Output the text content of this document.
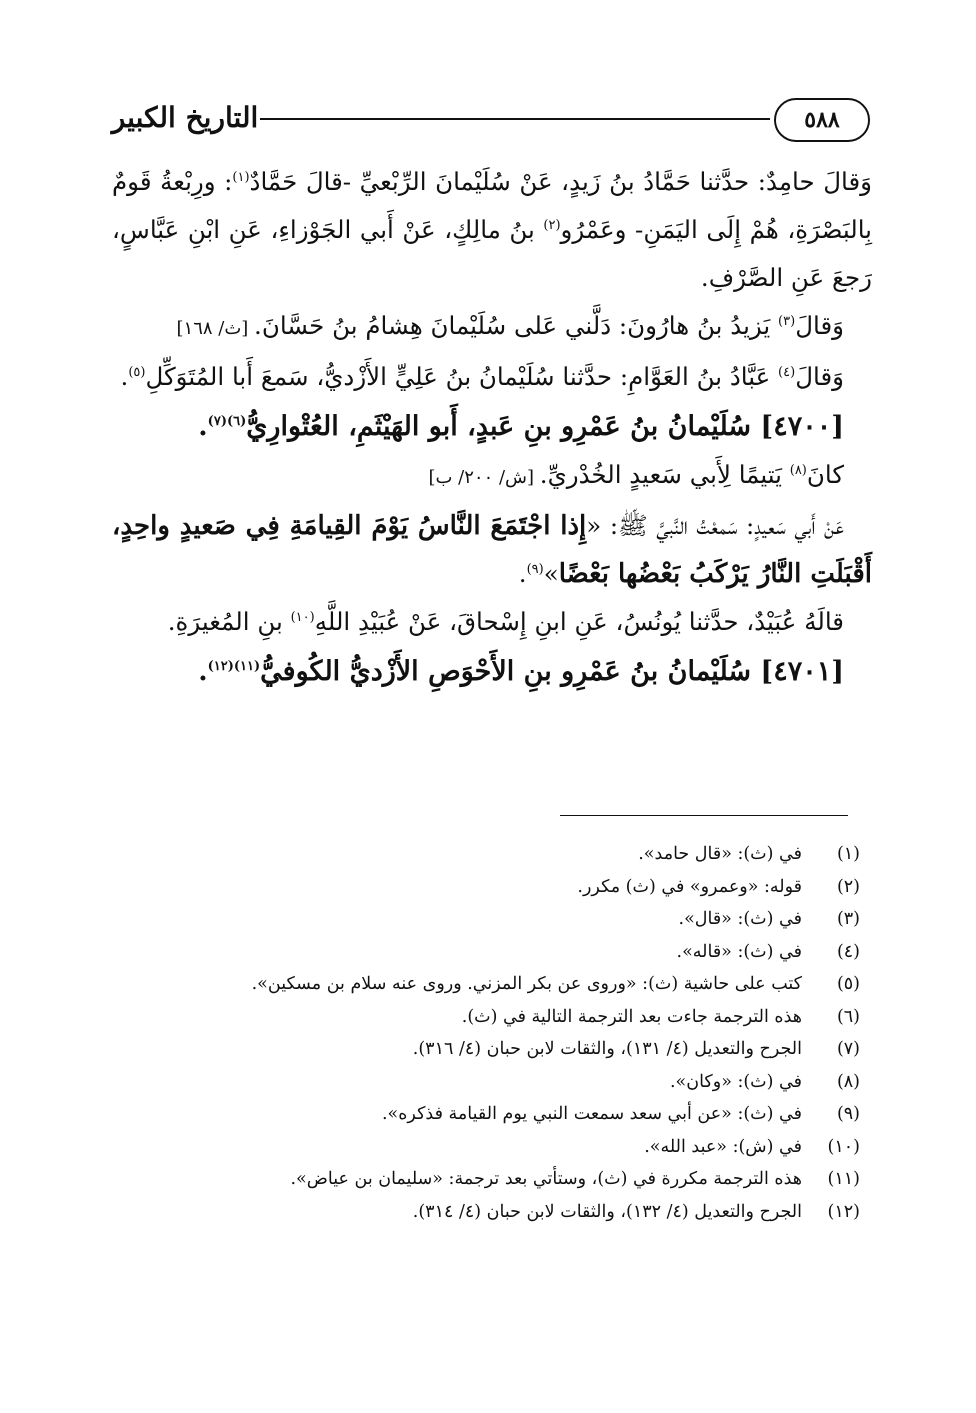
٥٨٨
التاريخ الكبير

وَقالَ حامِدٌ: حدَّثنا حَمَّادُ بنُ زَيدٍ، عَنْ سُلَيْمانَ الرِّبْعيِّ -قالَ حَمَّادٌ$^{(١)}$: ورِبْعةُ قَومٌ بِالبَصْرَةِ، هُمْ إِلَى اليَمَنِ- وعَمْرُو$^{(٢)}$ بنُ مالِكٍ، عَنْ أَبي الجَوْزاءِ، عَنِ ابْنِ عَبَّاسٍ، رَجعَ عَنِ الصَّرْفِ.

وَقالَ$^{(٣)}$ يَزيدُ بنُ هارُونَ: دَلَّني عَلى سُلَيْمانَ هِشامُ بنُ حَسَّانَ. [ث/ ١٦٨]

وَقالَ$^{(٤)}$ عَبَّادُ بنُ العَوَّامِ: حدَّثنا سُلَيْمانُ بنُ عَلِيٍّ الأَزْديُّ، سَمعَ أَبا المُتَوَكِّلِ$^{(٥)}$.

[٤٧٠٠] سُلَيْمانُ بنُ عَمْرِو بنِ عَبدٍ، أَبو الهَيْثَمِ، العُتْوارِيُّ$^{(٦)(٧)}$.

كانَ$^{(٨)}$ يَتيمًا لِأَبي سَعيدٍ الخُدْريِّ. [ش/ ٢٠٠/ ب]

عَنْ أَبي سَعيدٍ: سَمعْتُ النَّبيَّ ﷺ: «إِذا اجْتَمَعَ النَّاسُ يَوْمَ القِيامَةِ فِي صَعيدٍ واحِدٍ، أَقْبَلَتِ النَّارُ يَرْكَبُ بَعْضُها بَعْضًا»$^{(٩)}$.

قالَهُ عُبَيْدٌ، حدَّثنا يُونُسُ، عَنِ ابنِ إِسْحاقَ، عَنْ عُبَيْدِ اللَّهِ$^{(١٠)}$ بنِ المُغيرَةِ.

[٤٧٠١] سُلَيْمانُ بنُ عَمْرِو بنِ الأَحْوَصِ الأَزْديُّ الكُوفيُّ$^{(١١)(١٢)}$.

(١)
في (ث): «قال حامد».
(٢)
قوله: «وعمرو» في (ث) مكرر.
(٣)
في (ث): «قال».
(٤)
في (ث): «قاله».
(٥)
كتب على حاشية (ث): «وروى عن بكر المزني. وروى عنه سلام بن مسكين».
(٦)
هذه الترجمة جاءت بعد الترجمة التالية في (ث).
(٧)
الجرح والتعديل (٤/ ١٣١)، والثقات لابن حبان (٤/ ٣١٦).
(٨)
في (ث): «وكان».
(٩)
في (ث): «عن أبي سعد سمعت النبي يوم القيامة فذكره».
(١٠)
في (ش): «عبد الله».
(١١)
هذه الترجمة مكررة في (ث)، وستأتي بعد ترجمة: «سليمان بن عياض».
(١٢)
الجرح والتعديل (٤/ ١٣٢)، والثقات لابن حبان (٤/ ٣١٤).
